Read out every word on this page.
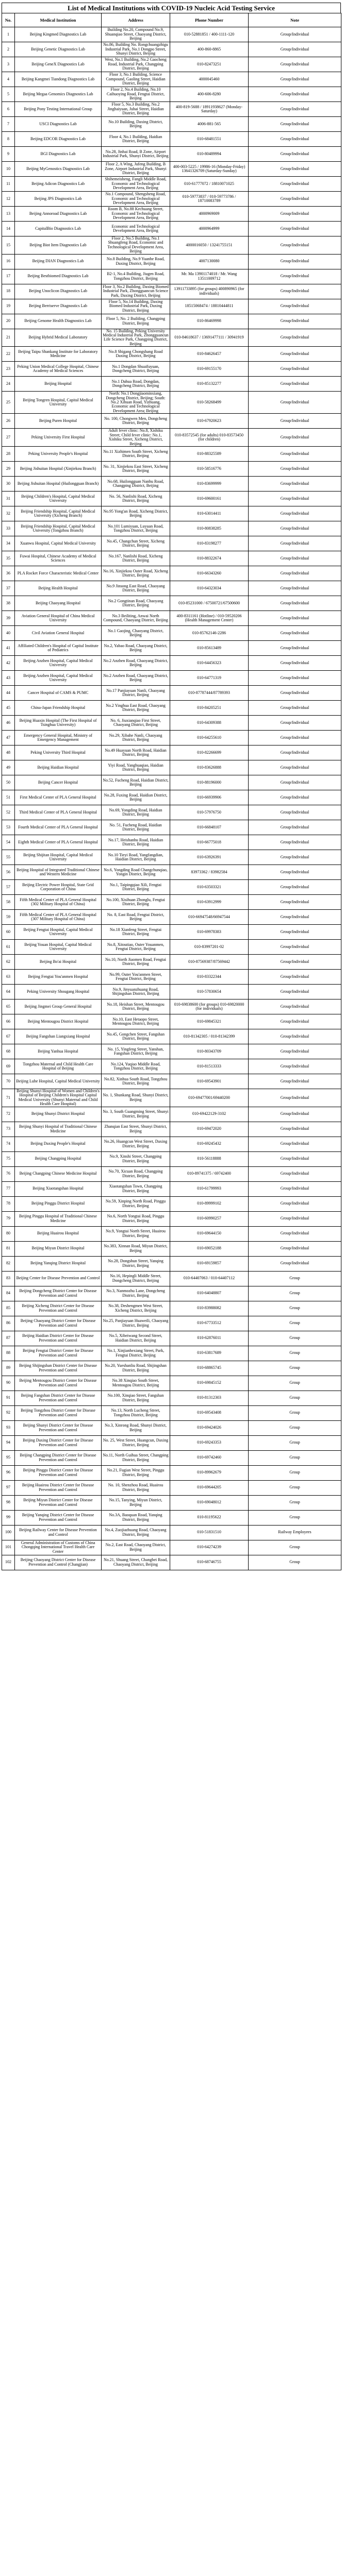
List of Medical Institutions with COVID-19 Nucleic Acid Testing Service
No.	Medical Institution	Address	Phone Number	Note
1	Beijing Kingmed Diagnostics Lab	Building No.20, Compound No.9, Shuanqiao Street, Chaoyang District, Beijing	010-52881851 / 400-1111-120	Group/Individual
2	Beijing Genetic Diagnostics Lab	No.86, Building No. Rongchuangzhigu Industrial Park, No.1 Dongpo Street, Shunyi District, Beijing	400-860-8865	Group/Individual
3	Beijing GeneX Diagnostics Lab	West, No.1 Building, No.2 Gaocheng Road, Industrial Park, Changping District, Beijing	010-82473251	Group/Individual
4	Beijing Kangmei Tiandong Diagnostics Lab	Floor 3, No.1 Building, Science Compound, Gaoling Street, Haidian District, Beijing	4000045460	Group/Individual
5	Beijing Megaa Genomics Diagnostics Lab	Floor 2, No.4 Building, No.10 Caihuoying Road, Fengtai District, Beijing	400-606-8280	Group/Individual
6	Beijing Pony Testing International Group	Floor 5, No.3 Building, No.2 Jinghaiyuan, Juhai Street, Haidian District, Beijing	400-819-5688 / 18911938627 (Monday-Saturday)	Group/Individual
7	USCI Diagnostics Lab	No.10 Building, Daxing District, Beijing	4006-881-565	Group/Individual
8	Beijing EDCOR Diagnostics Lab	Floor 4, No.1 Building, Haidian District, Beijing	010-68481551	Group/Individual
9	BGI Diagnostics Lab	No.28, Jinhai Road, B Zone, Airport Industrial Park, Shunyi District, Beijing	010-80489994	Group/Individual
10	Beijing MyGenostics Diagnostics Lab	Floor 2, A Wing, Jufeng Building, B Zone, Airport Industrial Park, Shunyi District, Beijing	400-003-5225 / 19986-16 (Monday-Friday) 13641326709 (Saturday-Sunday)	Group/Individual
11	Beijing Adicon Diagnostics Lab	Shihemeisheng, Fangli Middle Road, Economic and Technological Development Area, Beijing	010-61777072 / 18810071025	Group/Individual
12	Beijing JPS Diagnostics Lab	No.1 Compound, Shengsheng Road, Economic and Technological Development Area, Beijing	010-59773837 / 010-59773786 / 18710083789	Group/Individual
13	Beijing Annoroad Diagnostics Lab	Room B, No.88 Kechuang Street, Economic and Technological Development Area, Beijing	4000969009	Group/Individual
14	CapitalBio Diagnostics Lab	Economic and Technological Development Area, Beijing	4000964999	Group/Individual
15	Beijing Biot Item Diagnostics Lab	Floor 2, No.5 Building, No.1 Shuangfeng Road, Economic and Technological Development Area, Beijing	4000016050 / 13241755151	Group/Individual
16	Beijing DIAN Diagnostics Lab	No.8 Building, No.9 Yuanhe Road, Daxing District, Beijing	4007130080	Group/Individual
17	Beijing Bestbiomed Diagnostics Lab	B2-1, No.4 Building, Jiugen Road, Tongzhou District, Beijing	Mr. Ma 13901174018 / Mr. Wang 13511009712	Group/Individual
18	Beijing Unoclicon Diagnostics Lab	Floor 3, No.2 Building, Daxing Biomed Industrial Park, Zhongguancun Science Park, Daxing District, Beijing	13911733895 (for groups) 400890965 (for individuals)	Group/Individual
19	Beijing Berriserve Diagnostics Lab	Floor 5, No.14 Building, Daxing Biomed Industrial Park, Daxing District, Beijing	18515068474 / 18810444811	Group/Individual
20	Beijing Genome Health Diagnostics Lab	Floor 5, No. 2 Building, Changping District, Beijing	010-86469998	Group/Individual
21	Beijing Hybrid Medical Laboratory	No. 15 Building, Peking University Medical Industrial Park, Zhongguancun Life Science Park, Changping District, Beijing	010-84618637 / 13691477111 / 30941919	Group/Individual
22	Beijing Taipu Shankang Institute for Laboratory Medicine	No.8 Shigang Chongshang Road Daxing District, Beijing	010-84626457	Group/Individual
23	Peking Union Medical College Hospital, Chinese Academy of Medical Sciences	No.1 Dongdan Shuaifuyuan, Dongcheng District, Beijing	010-69155170	Group/Individual
24	Beijing Hospital	No.1 Dahua Road, Dongdan, Dongcheng District, Beijing	010-85132277	Group/Individual
25	Beijing Tongren Hospital, Capital Medical University	North: No.1 Dongjiaominxiang, Dongcheng District, Beijing; South: No.2 Xihuan Road, Yizhuang, Economic and Technological Development Area; Beijing	010-58268499	Group/Individual
26	Beijing Puren Hospital	No. 100, Chongwen Men, Dongcheng District, Beijing	010-67920623	Group/Individual
27	Peking University First Hospital	Adult fever clinic: No.8, Xishiku Street; Child fever clinic: No.1, Xishiku Street, Xicheng District, Beijing	010-83572545 (for adults) 010-83573450 (for children)	Group/Individual
28	Peking University People's Hospital	No.11 Xizhimen South Street, Xicheng District, Beijing	010-88325589	Group/Individual
29	Beijing Jishuitan Hospital (Xinjiekou Branch)	No. 31, Xinjiekou East Street, Xicheng District, Beijing	010-58516776	Group/Individual
30	Beijing Jishuitan Hospital (Huilongguan Branch)	No.68, Huilongguan Nanhu Road, Changping District, Beijing	010-83699999	Group/Individual
31	Beijing Children's Hospital, Capital Medical University	No. 56, Nanlishi Road, Xicheng District, Beijing	010-69600161	Group/Individual
32	Beijing Friendship Hospital, Capital Medical University (Xicheng Branch)	No.95 Yong'an Road, Xicheng District, Beijing	010-63014411	Group/Individual
33	Beijing Friendship Hospital, Capital Medical University (Tongzhou Branch)	No.101 Lumiyuan, Luyuan Road, Tongzhou District, Beijing	010-80838285	Group/Individual
34	Xuanwu Hospital, Capital Medical University	No.45, Changchun Street, Xicheng District, Beijing	010-83198277	Group/Individual
35	Fuwai Hospital, Chinese Academy of Medical Sciences	No.167, Nanlishi Road, Xicheng District, Beijing	010-88322674	Group/Individual
36	PLA Rocket Force Characteristic Medical Center	No.16, Xinjiekou Outer Road, Xicheng District, Beijing	010-66343260	Group/Individual
37	Beijing Health Hospital	No.9 Jinsong East Road, Chaoyang District, Beijing	010-64323034	Group/Individual
38	Beijing Chaoyang Hospital	No.2 Gongtinan Road, Chaoyang District, Beijing	010-85231000 / 67500721/67500600	Group/Individual
39	Aviation General Hospital of China Medical University	No.3 Beiliting, Anwai North Compound, Chaoyang District, Beijing	400-8311161 (Hotline) / 010-59520206 (Health Management Center)	Group/Individual
40	Civil Aviation General Hospital	No.1 Gaojing, Chaoyang District, Beijing	010-85762146-2286	Group/Individual
41	Affiliated Children's Hospital of Capital Institute of Pediatrics	No.2, Yabao Road, Chaoyang District, Beijing	010-85613489	Group/Individual
42	Beijing Anzhen Hospital, Capital Medical University	No.2 Anzhen Road, Chaoyang District, Beijing	010-64456323	Group/Individual
43	Beijing Anzhen Hospital, Capital Medical University	No.2 Anzhen Road, Chaoyang District, Beijing	010-64771319	Group/Individual
44	Cancer Hospital of CAMS & PUMC	No.17 Panjiayuan Nanli, Chaoyang District, Beijing	010-87787444/87789393	Group/Individual
45	China-Japan Friendship Hospital	No.2 Yinghua East Road, Chaoyang District, Beijing	010-84205251	Group/Individual
46	Beijing Huaxin Hospital (The First Hospital of Tsinghua University)	No. 6, Jiuxianqiao First Street, Chaoyang District, Beijing	010-64309388	Group/Individual
47	Emergency General Hospital, Ministry of Emergency Management	No.29, Xibahe Nanli, Chaoyang District, Beijing	010-64255610	Group/Individual
48	Peking University Third Hospital	No.49 Huayuan North Road, Haidian District, Beijing	010-82266699	Group/Individual
49	Beijing Haidian Hospital	Yiyi Road, Yanghuaqiao, Haidian District, Beijing	010-83626888	Group/Individual
50	Beijing Cancer Hospital	No.52, Fucheng Road, Haidian District, Beijing	010-88196000	Group/Individual
51	First Medical Center of PLA General Hospital	No.28, Fuxing Road, Haidian District, Beijing	010-66939906	Group/Individual
52	Third Medical Center of PLA General Hospital	No.69, Yongding Road, Haidian District, Beijing	010-57976750	Group/Individual
53	Fourth Medical Center of PLA General Hospital	No. 51, Fucheng Road, Haidian District, Beijing	010-66848107	Group/Individual
54	Eighth Medical Center of PLA General Hospital	No.17, Heishanhu Road, Haidian District, Beijing	010-66775018	Group/Individual
55	Beijing Shijitan Hospital, Capital Medical University	No.10 Tieyi Road, Yangfangdian, Haidian District, Beijing	010-63926391	Group/Individual
56	Beijing Hospital of Integrated Traditional Chinese and Western Medicine	No.6, Yongding Road Changchunqiao, Yongin District, Beijing	83973362 / 83982584	Group/Individual
57	Beijing Electric Power Hospital, State Grid Corporation of China	No.1, Taipingqiao Xili, Fengtai District, Beijing	010-63503321	Group/Individual
58	Fifth Medical Center of PLA General Hospital (302 Military Hospital of China)	No.100, Xisihuan Zhonglu, Fengtai District, Beijing	010-63912999	Group/Individual
59	Fifth Medical Center of PLA General Hospital (307 Military Hospital of China)	No. 8, East Road, Fengtai District, Beijing	010-66947548/66947544	Group/Individual
60	Beijing Fengtai Hospital, Capital Medical University	No.18 Xianfeng Street, Fengtai District, Beijing	010-69978383	Group/Individual
61	Beijing Youan Hospital, Capital Medical University	No.8, Xitoutiao, Outer Youanmen, Fengtai District, Beijing	010-83997201-02	Group/Individual
62	Beijing Bo'ai Hospital	No.10, North Jiaomen Road, Fengtai District, Beijing	010-87569387/87569442	Group/Individual
63	Beijing Fengtai You'anmen Hospital	No.99, Outer You'anmen Street, Fengtai District, Beijing	010-83322344	Group/Individual
64	Peking University Shougang Hospital	No.9, Jinyuanzhuang Road, Shijingshan District, Beijing	010-57830654	Group/Individual
65	Beijing Jingmei Group General Hospital	No.18, Heishan Street, Mentougou District, Beijing	010-69838600 (for groups) 010-69820000 (for individuals)	Group/Individual
66	Beijing Mentougou District Hospital	No.10, East Hetaopo Street, Mentougou District, Beijing	010-69845321	Group/Individual
67	Beijing Fangshan Liangxiang Hospital	No.45, Gongchen Street, Fangshan District, Beijing	010-81342305 / 010-81342399	Group/Individual
68	Beijing Yanhua Hospital	No. 15, Yingfeng Street, Yanshan, Fangshan District, Beijing	010-80343709	Group/Individual
69	Tongzhou Maternal and Child Health Care Hospital of Beijing	No.124, Yuqiao Middle Road, Tongzhou District, Beijing	010-81513333	Group/Individual
70	Beijing Luhe Hospital, Capital Medical University	No.82, Xinhua South Road, Tongzhou District, Beijing	010-69543901	Group/Individual
71	Beijing Shunyi Hospital of Women and Children's Hospital of Beijing Children's Hospital Capital Medical University (Shunyi Maternal and Child Health Care Hospital)	No. 1, Shunkang Road, Shunyi District, Beijing	010-69477001/69440200	Group/Individual
72	Beijing Shunyi District Hospital	No. 3, South Guangming Street, Shunyi District, Beijing	010-69422129-3102	Group/Individual
73	Beijing Shunyi Hospital of Traditional Chinese Medicine	Zhanqian East Street, Shunyi District, Beijing	010-69472020	Group/Individual
74	Beijing Daxing People's Hospital	No.26, Huangcun West Street, Daxing District, Beijing	010-69245432	Group/Individual
75	Beijing Changping Hospital	No.9, Xinshi Street, Changping District, Beijing	010-56118888	Group/Individual
76	Beijing Changping Chinese Medicine Hospital	No.70, Xicuan Road, Changping District, Beijing	010-89741375 / 69742400	Group/Individual
77	Beijing Xiaotangshan Hospital	Xiaotangshan Town, Changping District, Beijing	010-61799993	Group/Individual
78	Beijing Pinggu District Hospital	No.59, Xinping North Road, Pinggu District, Beijing	010-89999102	Group/Individual
79	Beijing Pinggu Hospital of Traditional Chinese Medicine	No.6, North Yongtai Road, Pinggu District, Beijing	010-60990257	Group/Individual
80	Beijing Huairou Hospital	No.9, Yongtai North Street, Huairou District, Beijing	010-69644150	Group/Individual
81	Beijing Miyun District Hospital	No.383, Xinnan Road, Miyun District, Beijing	010-69052188	Group/Individual
82	Beijing Yanqing District Hospital	No.28, Dongshun Street, Yanqing District, Beijing	010-69159857	Group/Individual
83	Beijing Center for Disease Prevention and Control	No.16, Hepingli Middle Street, Dongcheng District, Beijing	010-64407063 / 010-64407112	Group
84	Beijing Dongcheng District Center for Disease Prevention and Control	No.3, Nanmozhu Lane, Dongcheng District, Beijing	010-64048807	Group
85	Beijing Xicheng District Center for Disease Prevention and Control	No.38, Deshengmen West Street, Xicheng District, Beijing	010-83988082	Group
86	Beijing Chaoyang District Center for Disease Prevention and Control	No.25, Panjiayuan Huaweili, Chaoyang District, Beijing	010-67733512	Group
87	Beijing Haidian District Center for Disease Prevention and Control	No.5, Xibeiwang Second Street, Haidian District, Beijing	010-62876011	Group
88	Beijing Fengtai District Center for Disease Prevention and Control	No.1, Xinjianhexiang Street, Park, Fengtai District, Beijing	010-63817689	Group
89	Beijing Shijingshan District Center for Disease Prevention and Control	No.20, Yueshanliu Road, Shijingshan District, Beijing	010-68865745	Group
90	Beijing Mentougou District Center for Disease Prevention and Control	No.38 Xinqiao South Street, Mentougou District, Beijing	010-69845152	Group
91	Beijing Fangshan District Center for Disease Prevention and Control	No.100, Xinqiao Street, Fangshan District, Beijing	010-81312303	Group
92	Beijing Tongzhou District Center for Disease Prevention and Control	No.13, North Lucheng Street, Tongzhou District, Beijing	010-69543408	Group
93	Beijing Shunyi District Center for Disease Prevention and Control	No.3, Xinrong Road, Shunyi District, Beijing	010-69424026	Group
94	Beijing Daxing District Center for Disease Prevention and Control	No. 25, West Street, Huangcun, Daxing District, Beijing	010-69243353	Group
95	Beijing Changping District Center for Disease Prevention and Control	No.11, North Guihua Street, Changping District, Beijing	010-69742460	Group
96	Beijing Pinggu District Center for Disease Prevention and Control	No.21, Fugian West Street, Pinggu District, Beijing	010-89962679	Group
97	Beijing Huairou District Center for Disease Prevention and Control	No. 10, Shenzhou Road, Huairou District, Beijing	010-69644205	Group
98	Beijing Miyun District Center for Disease Prevention and Control	No.15, Tanying, Miyun District, Beijing	010-69048012	Group
99	Beijing Yanqing District Center for Disease Prevention and Control	No.3A, Baoquan Road, Yanqing District, Beijing	010-81195622	Group
100	Beijing Railway Center for Disease Prevention and Control	No.4, Zuojiazhuang Road, Chaoyang District, Beijing	010-51831510	Railway Employees
101	General Administration of Customs of China Chongqing International Travel Health Care Center	No.2, East Road, Chaoyang District, Beijing	010-64274239	Group
102	Beijing Chaoyang District Center for Disease Prevention and Control (Changjian)	No.21, Shuang Street, Changbei Road, Chaoyang District, Beijing	010-68746755	Group
